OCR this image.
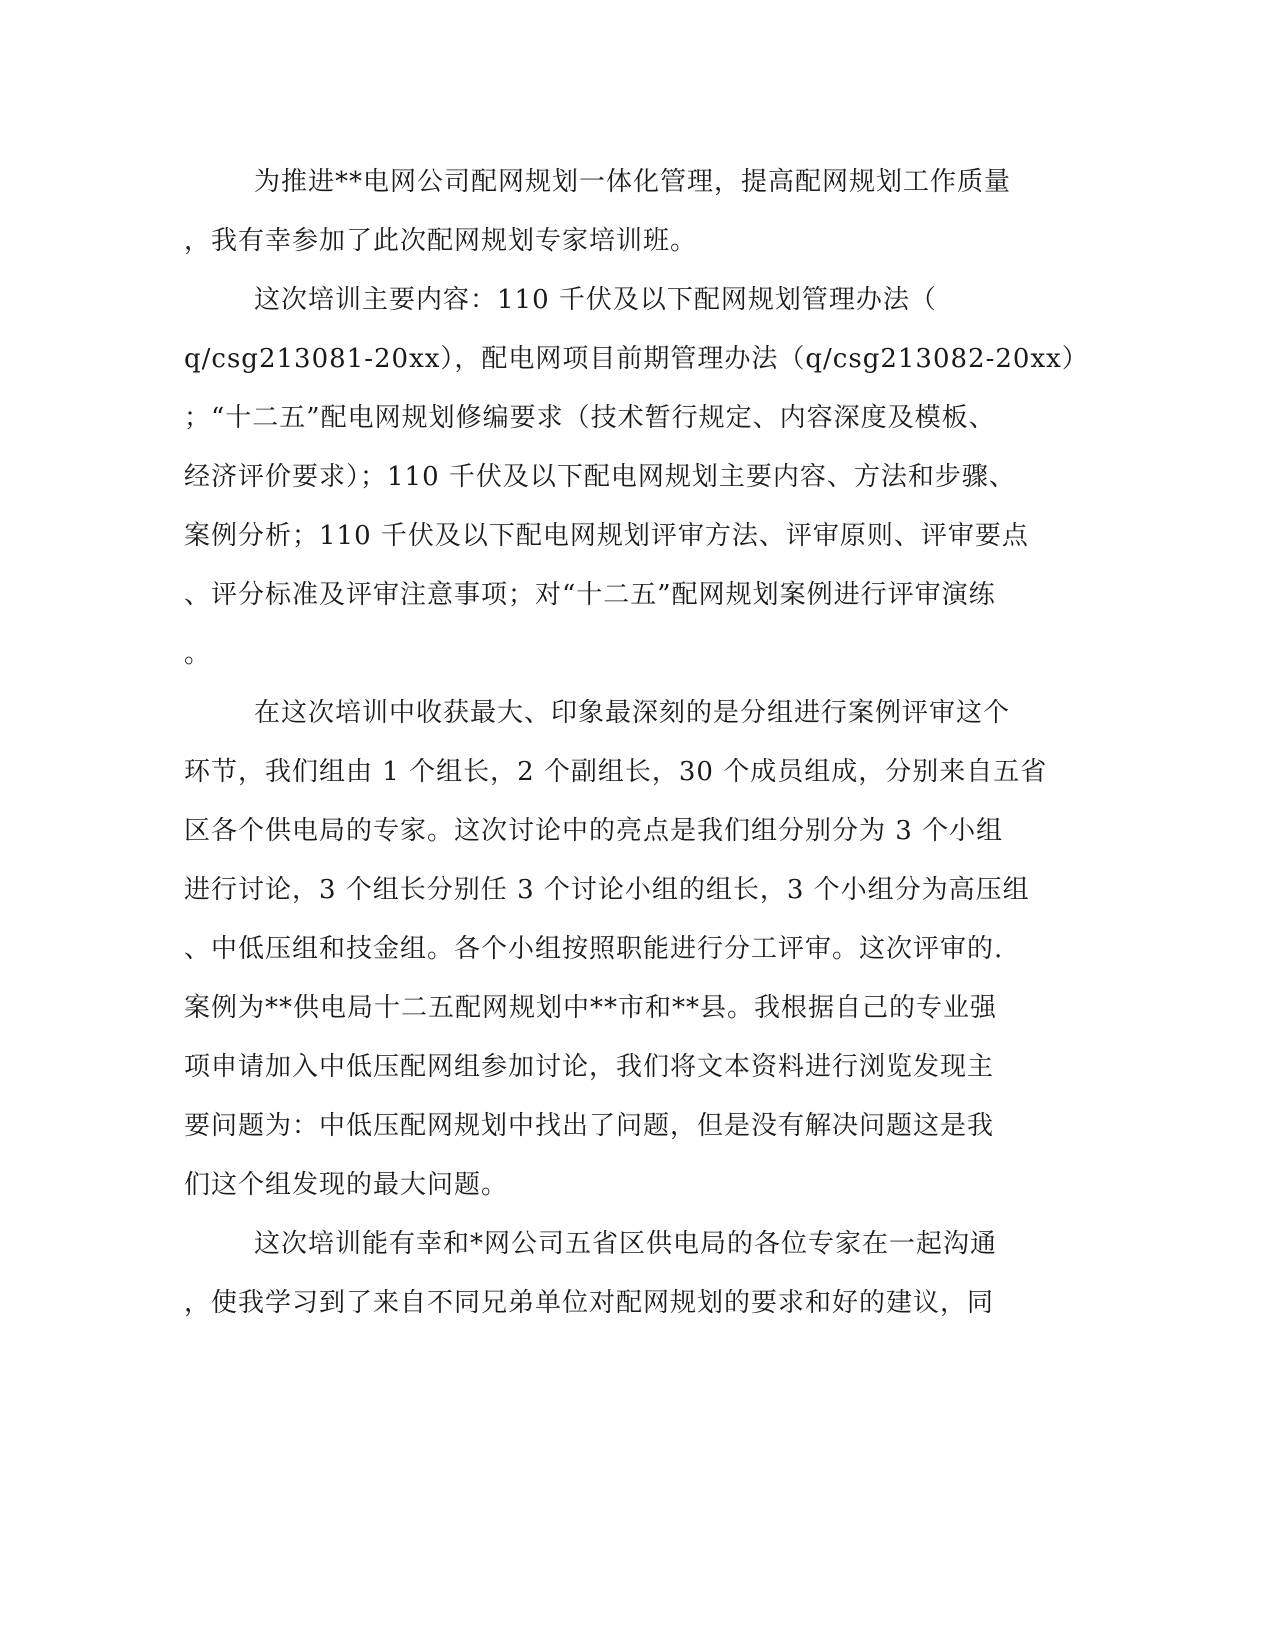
为推进**电网公司配网规划一体化管理，提高配网规划工作质量
，我有幸参加了此次配网规划专家培训班。
这次培训主要内容：110 千伏及以下配网规划管理办法（
q/csg213081-20xx），配电网项目前期管理办法（q/csg213082-20xx）
；“十二五”配电网规划修编要求（技术暂行规定、内容深度及模板、
经济评价要求）；110 千伏及以下配电网规划主要内容、方法和步骤、
案例分析；110 千伏及以下配电网规划评审方法、评审原则、评审要点
、评分标准及评审注意事项；对“十二五”配网规划案例进行评审演练
。
在这次培训中收获最大、印象最深刻的是分组进行案例评审这个
环节，我们组由 1 个组长，2 个副组长，30 个成员组成，分别来自五省
区各个供电局的专家。这次讨论中的亮点是我们组分别分为 3 个小组
进行讨论，3 个组长分别任 3 个讨论小组的组长，3 个小组分为高压组
、中低压组和技金组。各个小组按照职能进行分工评审。这次评审的.
案例为**供电局十二五配网规划中**市和**县。我根据自己的专业强
项申请加入中低压配网组参加讨论，我们将文本资料进行浏览发现主
要问题为：中低压配网规划中找出了问题，但是没有解决问题这是我
们这个组发现的最大问题。
这次培训能有幸和*网公司五省区供电局的各位专家在一起沟通
，使我学习到了来自不同兄弟单位对配网规划的要求和好的建议，同
